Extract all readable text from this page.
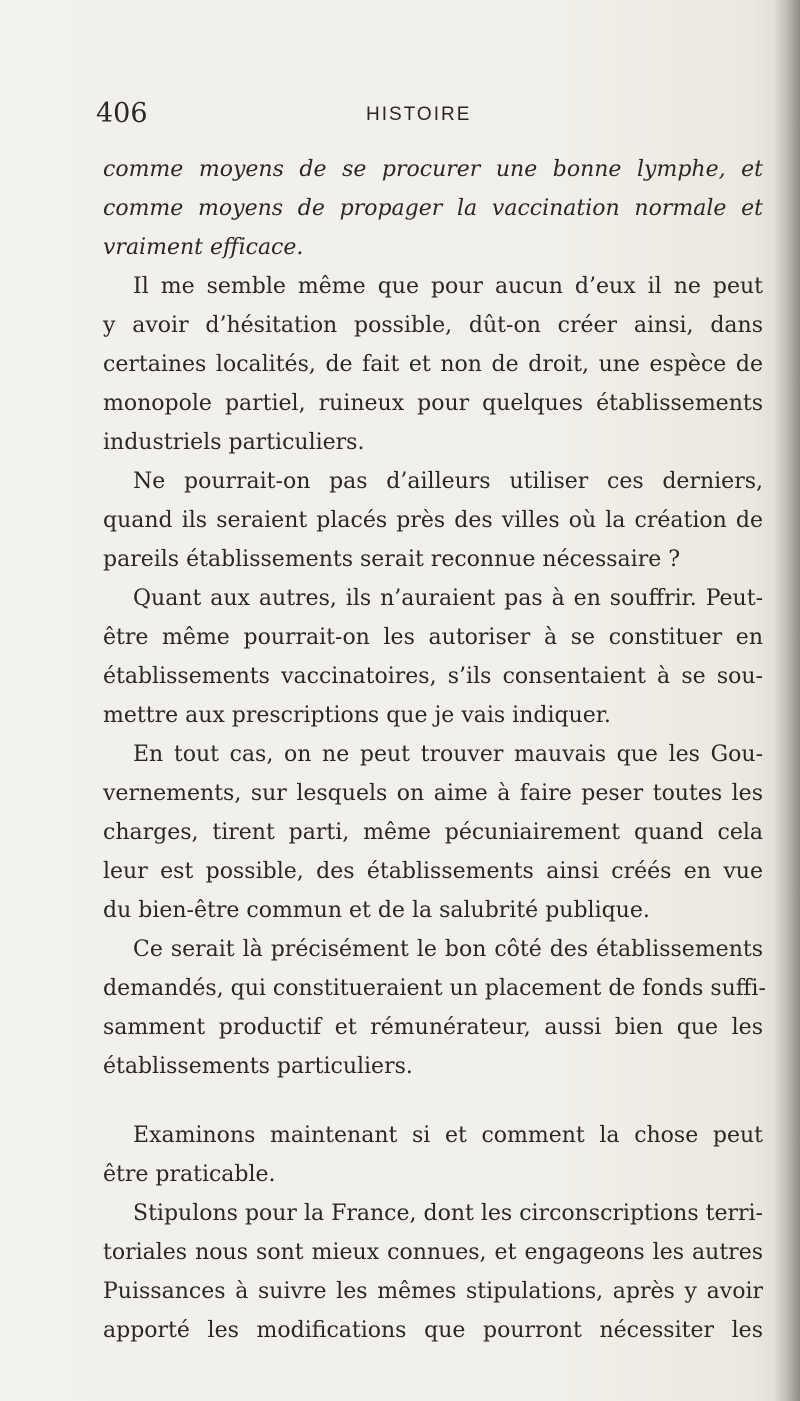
406	HISTOIRE
comme moyens de se procurer une bonne lymphe, et
comme moyens de propager la vaccination normale et
vraiment efficace.
Il me semble même que pour aucun d’eux il ne peut
y avoir d’hésitation possible, dût-on créer ainsi, dans
certaines localités, de fait et non de droit, une espèce de
monopole partiel, ruineux pour quelques établissements
industriels particuliers.
Ne pourrait-on pas d’ailleurs utiliser ces derniers,
quand ils seraient placés près des villes où la création de
pareils établissements serait reconnue nécessaire ?
Quant aux autres, ils n’auraient pas à en souffrir. Peut-
être même pourrait-on les autoriser à se constituer en
établissements vaccinatoires, s’ils consentaient à se sou-
mettre aux prescriptions que je vais indiquer.
En tout cas, on ne peut trouver mauvais que les Gou-
vernements, sur lesquels on aime à faire peser toutes les
charges, tirent parti, même pécuniairement quand cela
leur est possible, des établissements ainsi créés en vue
du bien-être commun et de la salubrité publique.
Ce serait là précisément le bon côté des établissements
demandés, qui constitueraient un placement de fonds suffi-
samment productif et rémunérateur, aussi bien que les
établissements particuliers.
Examinons maintenant si et comment la chose peut
être praticable.
Stipulons pour la France, dont les circonscriptions terri-
toriales nous sont mieux connues, et engageons les autres
Puissances à suivre les mêmes stipulations, après y avoir
apporté les modifications que pourront nécessiter les
